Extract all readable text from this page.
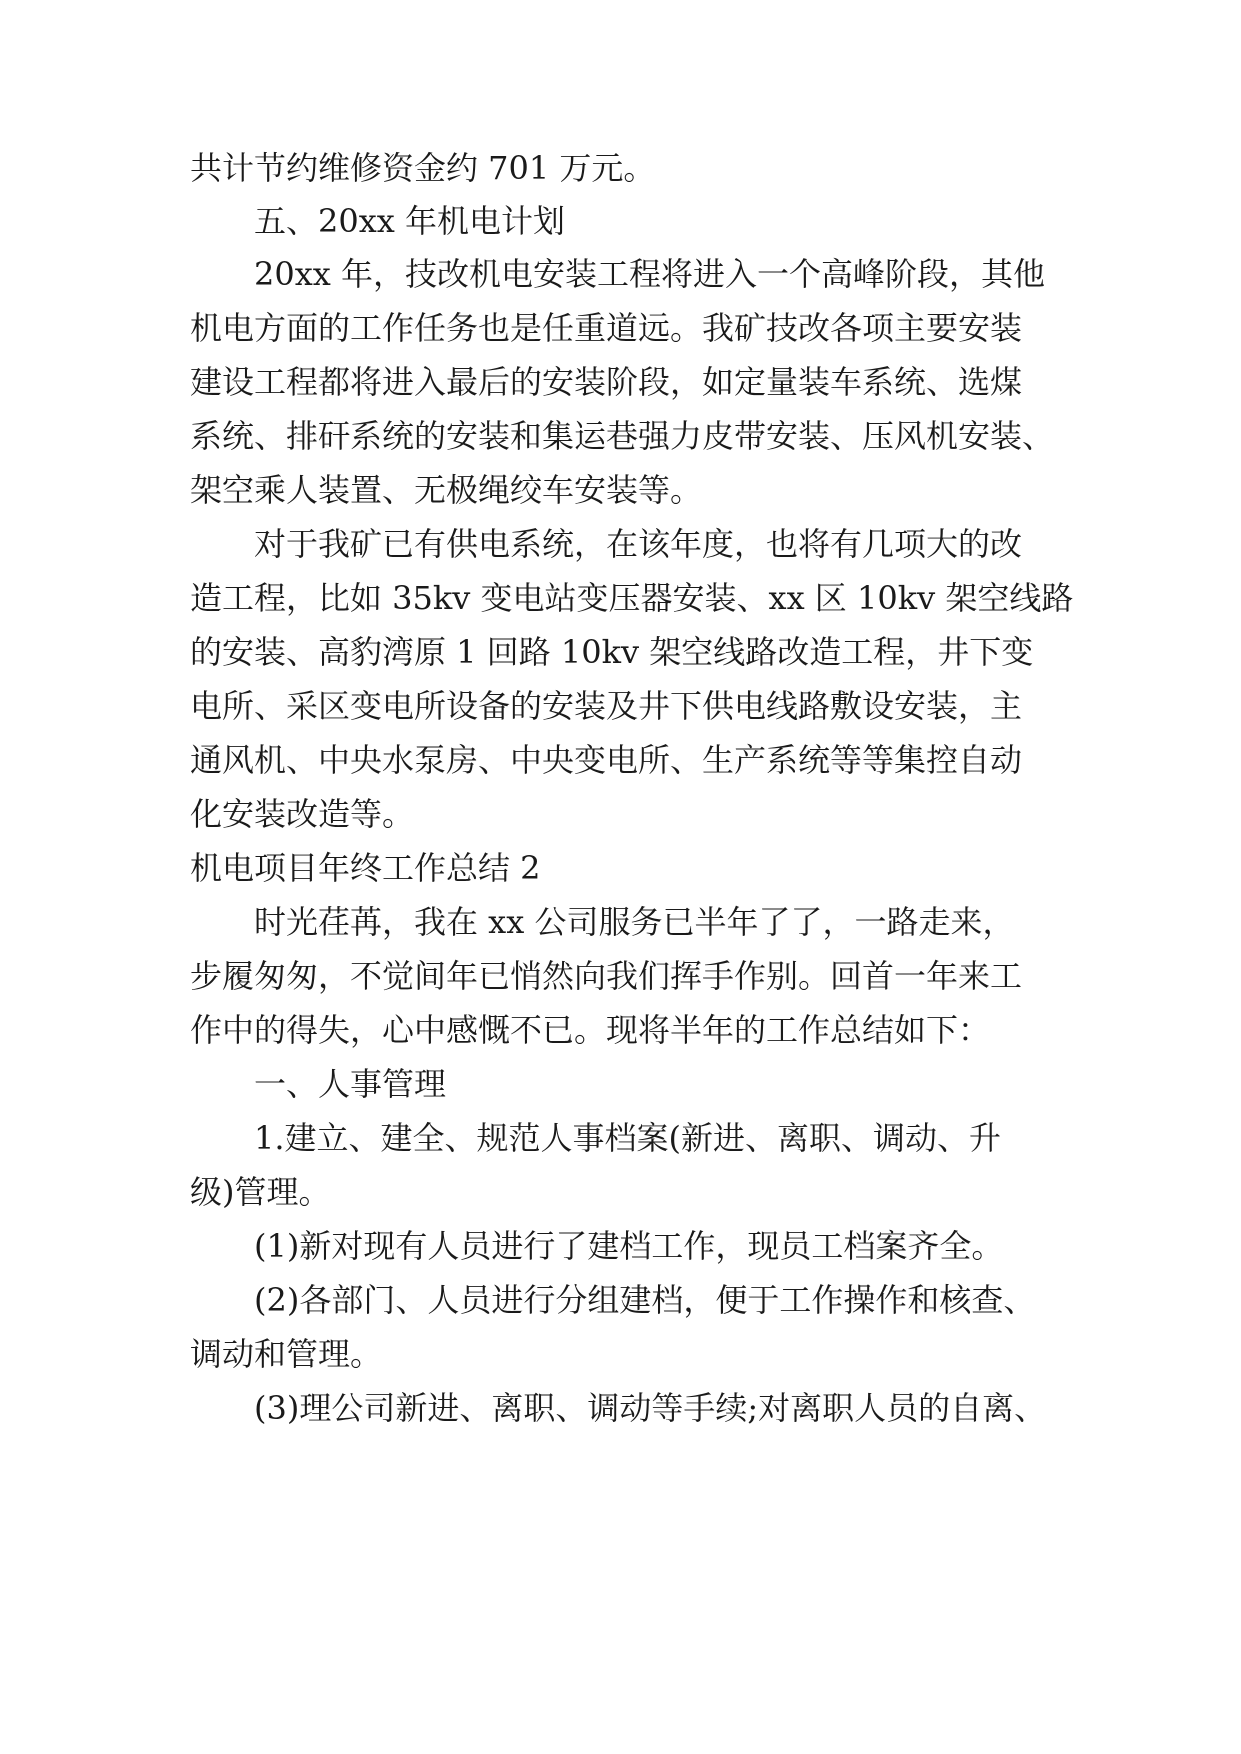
共计节约维修资金约 701 万元。
五、20xx 年机电计划
20xx 年，技改机电安装工程将进入一个高峰阶段，其他
机电方面的工作任务也是任重道远。我矿技改各项主要安装
建设工程都将进入最后的安装阶段，如定量装车系统、选煤
系统、排矸系统的安装和集运巷强力皮带安装、压风机安装、
架空乘人装置、无极绳绞车安装等。
对于我矿已有供电系统，在该年度，也将有几项大的改
造工程，比如 35kv 变电站变压器安装、xx 区 10kv 架空线路
的安装、高豹湾原 1 回路 10kv 架空线路改造工程，井下变
电所、采区变电所设备的安装及井下供电线路敷设安装，主
通风机、中央水泵房、中央变电所、生产系统等等集控自动
化安装改造等。
机电项目年终工作总结 2
时光荏苒，我在 xx 公司服务已半年了了，一路走来，
步履匆匆，不觉间年已悄然向我们挥手作别。回首一年来工
作中的得失，心中感慨不已。现将半年的工作总结如下：
一、人事管理
1.建立、建全、规范人事档案(新进、离职、调动、升
级)管理。
(1)新对现有人员进行了建档工作，现员工档案齐全。
(2)各部门、人员进行分组建档，便于工作操作和核查、
调动和管理。
(3)理公司新进、离职、调动等手续;对离职人员的自离、
